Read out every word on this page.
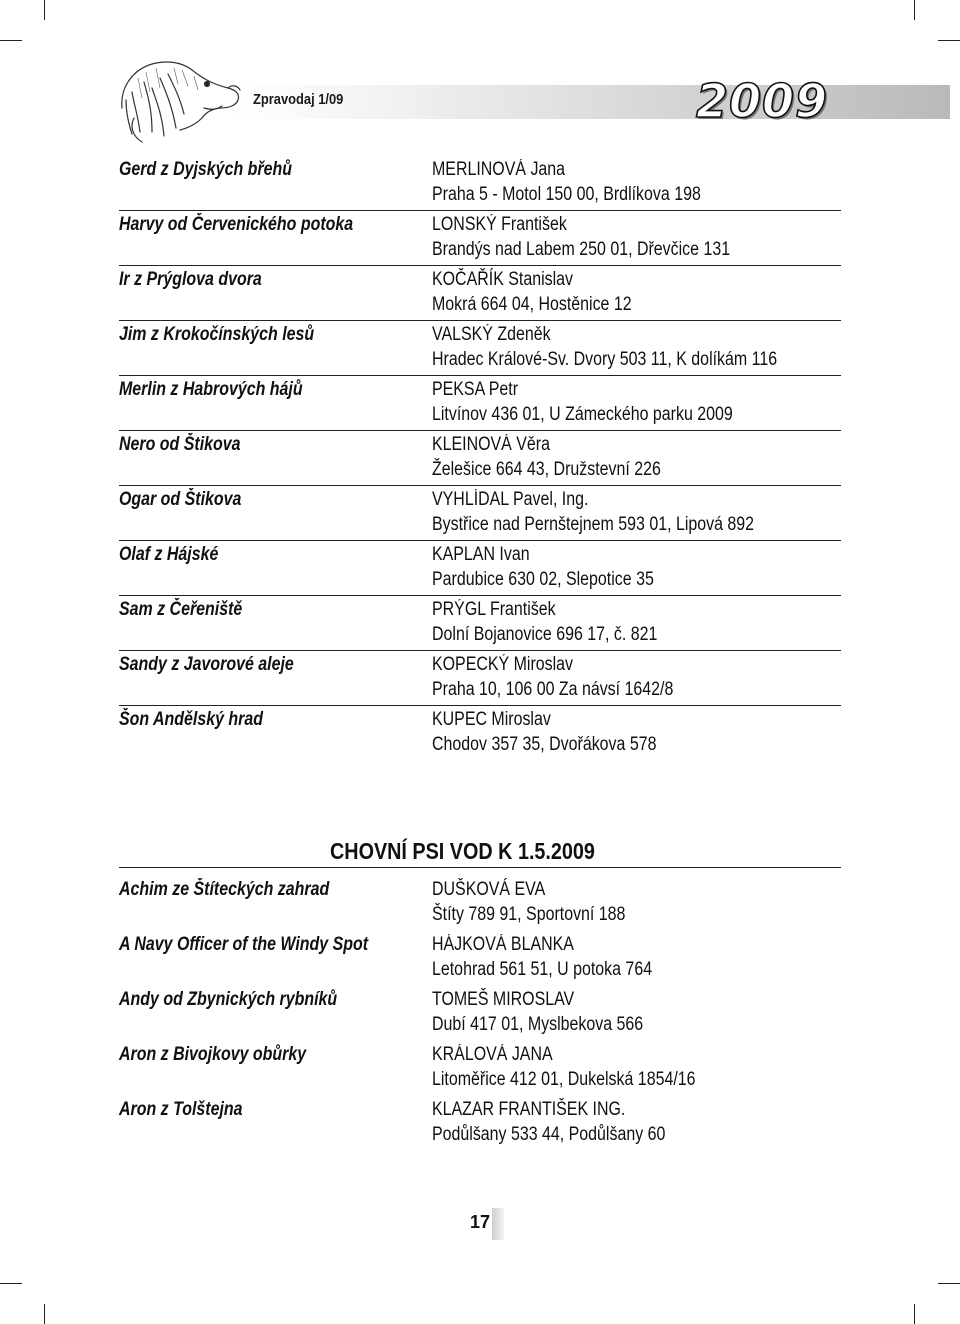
Zpravodaj 1/09	2009
Gerd z Dyjských břehů	MERLINOVÁ Jana
Praha 5 - Motol 150 00, Brdlíkova 198
Harvy od Červenického potoka	LONSKÝ František
Brandýs nad Labem 250 01, Dřevčice 131
Ir z Prýglova dvora	KOČAŘÍK Stanislav
Mokrá 664 04, Hostěnice 12
Jim z Krokočínských lesů	VALSKÝ Zdeněk
Hradec Králové-Sv. Dvory 503 11, K dolíkám 116
Merlin z Habrových hájů	PEKSA Petr
Litvínov 436 01, U Zámeckého parku 2009
Nero od Štikova	KLEINOVÁ Věra
Želešice 664 43, Družstevní 226
Ogar od Štikova	VYHLÍDAL Pavel, Ing.
Bystřice nad Pernštejnem 593 01, Lipová 892
Olaf z Hájské	KAPLAN Ivan
Pardubice 630 02, Slepotice 35
Sam z Čeřeniště	PRÝGL František
Dolní Bojanovice 696 17, č. 821
Sandy z Javorové aleje	KOPECKÝ Miroslav
Praha 10, 106 00 Za návsí 1642/8
Šon Andělský hrad	KUPEC Miroslav
Chodov 357 35, Dvořákova 578
CHOVNÍ PSI VOD K 1.5.2009
Achim ze Štíteckých zahrad	DUŠKOVÁ EVA
Štíty 789 91, Sportovní 188
A Navy Officer of the Windy Spot	HÁJKOVÁ BLANKA
Letohrad 561 51, U potoka 764
Andy od Zbynických rybníků	TOMEŠ MIROSLAV
Dubí 417 01, Myslbekova 566
Aron z Bivojkovy obůrky	KRÁLOVÁ JANA
Litoměřice 412 01, Dukelská 1854/16
Aron z Tolštejna	KLAZAR FRANTIŠEK ING.
Podůlšany 533 44, Podůlšany 60
17
